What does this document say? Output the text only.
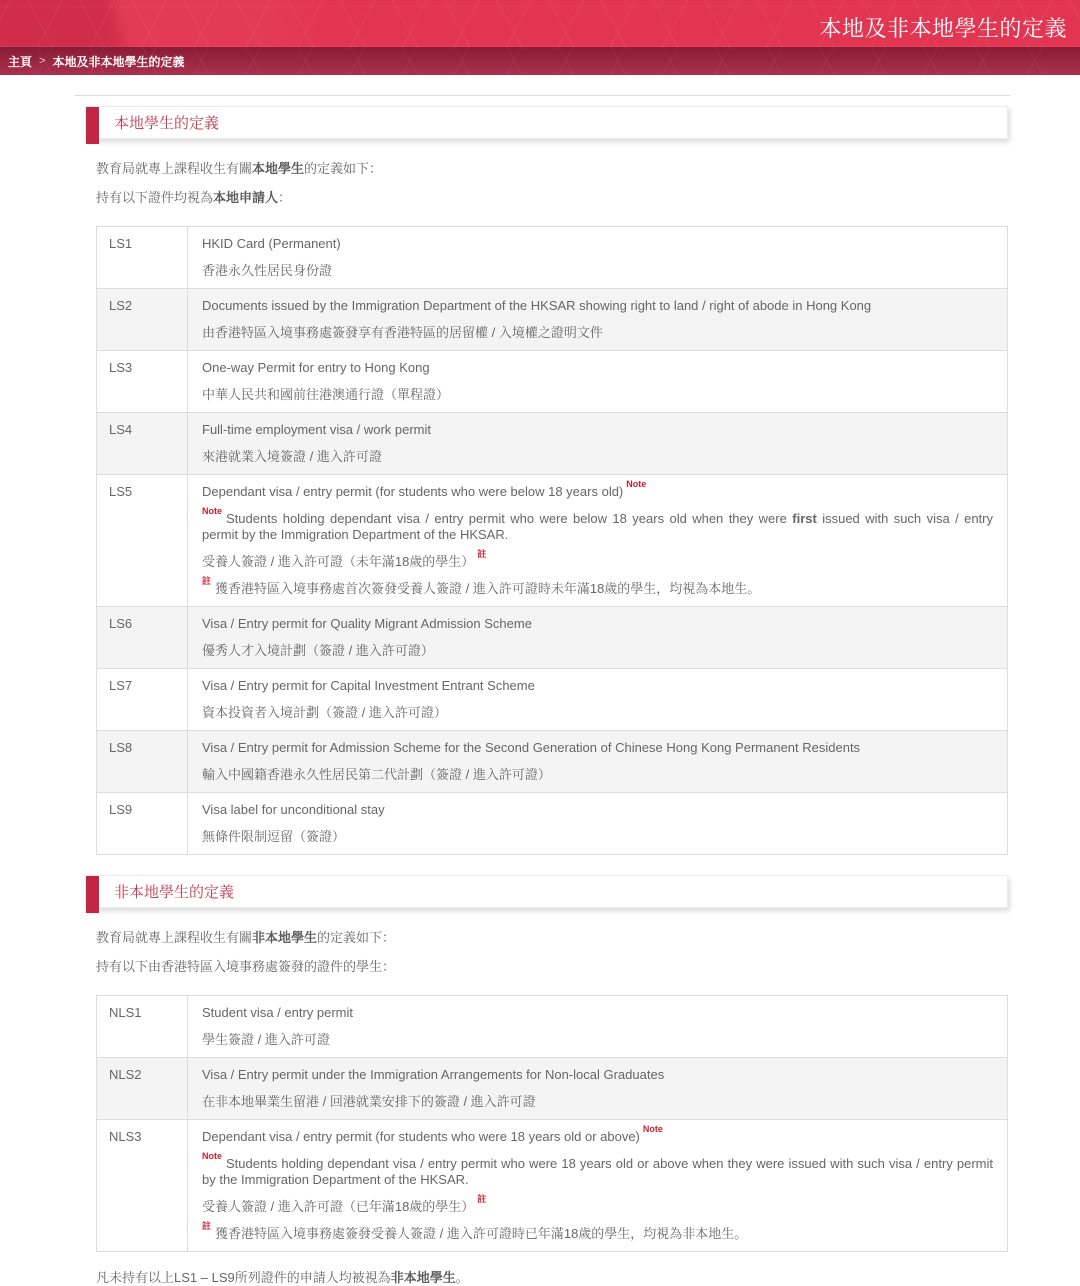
本地及非本地學生的定義
主頁 > 本地及非本地學生的定義
本地學生的定義

教育局就專上課程收生有關本地學生的定義如下：

持有以下證件均視為本地申請人：

LS1	HKID Card (Permanent)

香港永久性居民身份證

LS2	Documents issued by the Immigration Department of the HKSAR showing right to land / right of abode in Hong Kong

由香港特區入境事務處簽發享有香港特區的居留權 / 入境權之證明文件

LS3	One-way Permit for entry to Hong Kong

中華人民共和國前往港澳通行證（單程證）

LS4	Full-time employment visa / work permit

來港就業入境簽證 / 進入許可證

LS5	Dependant visa / entry permit (for students who were below 18 years old)$^{Note}$

$^{Note}$Students holding dependant visa / entry permit who were below 18 years old when they were first issued with such visa / entry permit by the Immigration Department of the HKSAR.

受養人簽證 / 進入許可證（未年滿18歲的學生）$^註$

$^註$獲香港特區入境事務處首次簽發受養人簽證 / 進入許可證時未年滿18歲的學生，均視為本地生。

LS6	Visa / Entry permit for Quality Migrant Admission Scheme

優秀人才入境計劃（簽證 / 進入許可證）

LS7	Visa / Entry permit for Capital Investment Entrant Scheme

資本投資者入境計劃（簽證 / 進入許可證）

LS8	Visa / Entry permit for Admission Scheme for the Second Generation of Chinese Hong Kong Permanent Residents

輸入中國籍香港永久性居民第二代計劃（簽證 / 進入許可證）

LS9	Visa label for unconditional stay

無條件限制逗留（簽證）

非本地學生的定義

教育局就專上課程收生有關非本地學生的定義如下：

持有以下由香港特區入境事務處簽發的證件的學生：

NLS1	Student visa / entry permit

學生簽證 / 進入許可證

NLS2	Visa / Entry permit under the Immigration Arrangements for Non-local Graduates

在非本地畢業生留港 / 回港就業安排下的簽證 / 進入許可證

NLS3	Dependant visa / entry permit (for students who were 18 years old or above)$^{Note}$

$^{Note}$Students holding dependant visa / entry permit who were 18 years old or above when they were issued with such visa / entry permit by the Immigration Department of the HKSAR.

受養人簽證 / 進入許可證（已年滿18歲的學生）$^註$

$^註$獲香港特區入境事務處簽發受養人簽證 / 進入許可證時已年滿18歲的學生，均視為非本地生。

凡未持有以上LS1 – LS9所列證件的申請人均被視為非本地學生。
